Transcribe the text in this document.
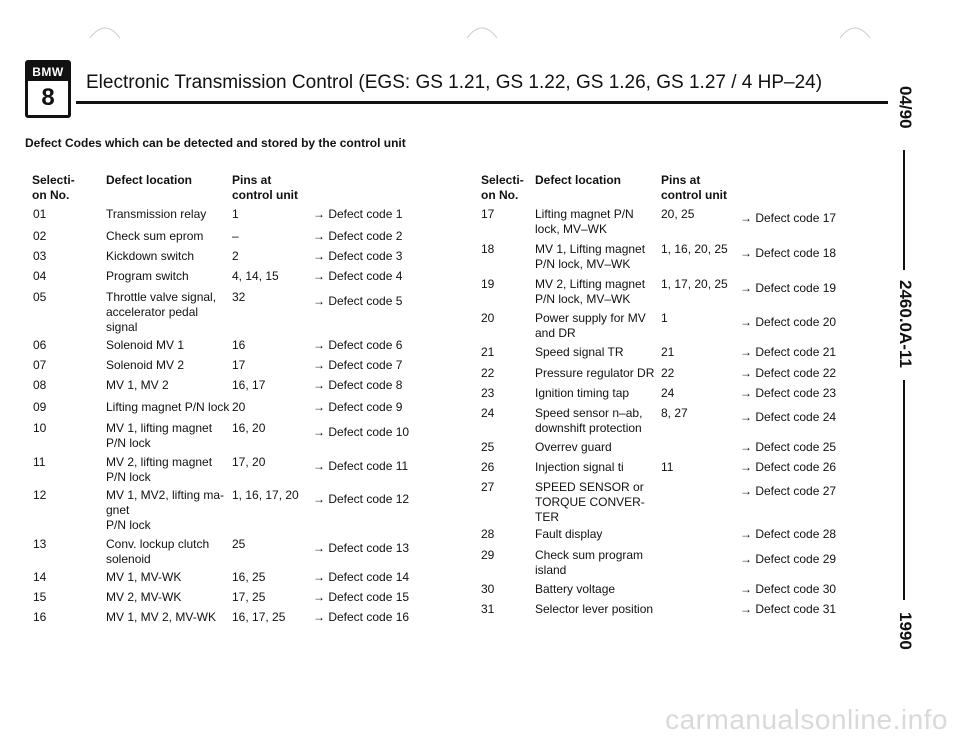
BMW
8
Electronic Transmission Control (EGS: GS 1.21, GS 1.22, GS 1.26, GS 1.27 / 4 HP–24)
Defect Codes which can be detected and stored by the control unit
04/90
2460.0A-11
1990
Selecti-
on No.
Defect location	Pins at
control unit
01	Transmission relay 1	→ Defect code 1
02	Check sum eprom –	→ Defect code 2
03	Kickdown switch	2	→ Defect code 3
04	Program switch	4, 14, 15	→ Defect code 4
05	Throttle valve signal,
accelerator pedal
signal
32	→ Defect code 5
06	Solenoid MV 1	16	→ Defect code 6
07	Solenoid MV 2	17	→ Defect code 7
08	MV 1, MV 2	16, 17	→ Defect code 8
09	Lifting magnet P/N lock 20	→ Defect code 9
10	MV 1, lifting magnet
P/N lock
16, 20	→ Defect code 10
11	MV 2, lifting magnet
P/N lock
17, 20	→ Defect code 11
12	MV 1, MV2, lifting ma-
gnet
P/N lock
1, 16, 17, 20 → Defect code 12
13	Conv. lockup clutch
solenoid
25	→ Defect code 13
14	MV 1, MV-WK	16, 25	→ Defect code 14
15	MV 2, MV-WK	17, 25	→ Defect code 15
16	MV 1, MV 2, MV-WK 16, 17, 25 → Defect code 16
Selecti-
on No.
Defect location	Pins at
control unit
17	Lifting magnet P/N
lock, MV–WK
20, 25	→ Defect code 17
18	MV 1, Lifting magnet
P/N lock, MV–WK
1, 16, 20, 25 → Defect code 18
19	MV 2, Lifting magnet
P/N lock, MV–WK
1, 17, 20, 25 → Defect code 19
20	Power supply for MV
and DR
1	→ Defect code 20
21	Speed signal TR	21	→ Defect code 21
22	Pressure regulator DR 22	→ Defect code 22
23	Ignition timing tap	24	→ Defect code 23
24	Speed sensor n–ab,
downshift protection
8, 27	→ Defect code 24
25	Overrev guard	→ Defect code 25
26	Injection signal ti	11	→ Defect code 26
27	SPEED SENSOR or
TORQUE CONVER-
TER
→ Defect code 27
28	Fault display	→ Defect code 28
29	Check sum program
island
→ Defect code 29
30	Battery voltage	→ Defect code 30
31	Selector lever position	→ Defect code 31
carmanualsonline.info
